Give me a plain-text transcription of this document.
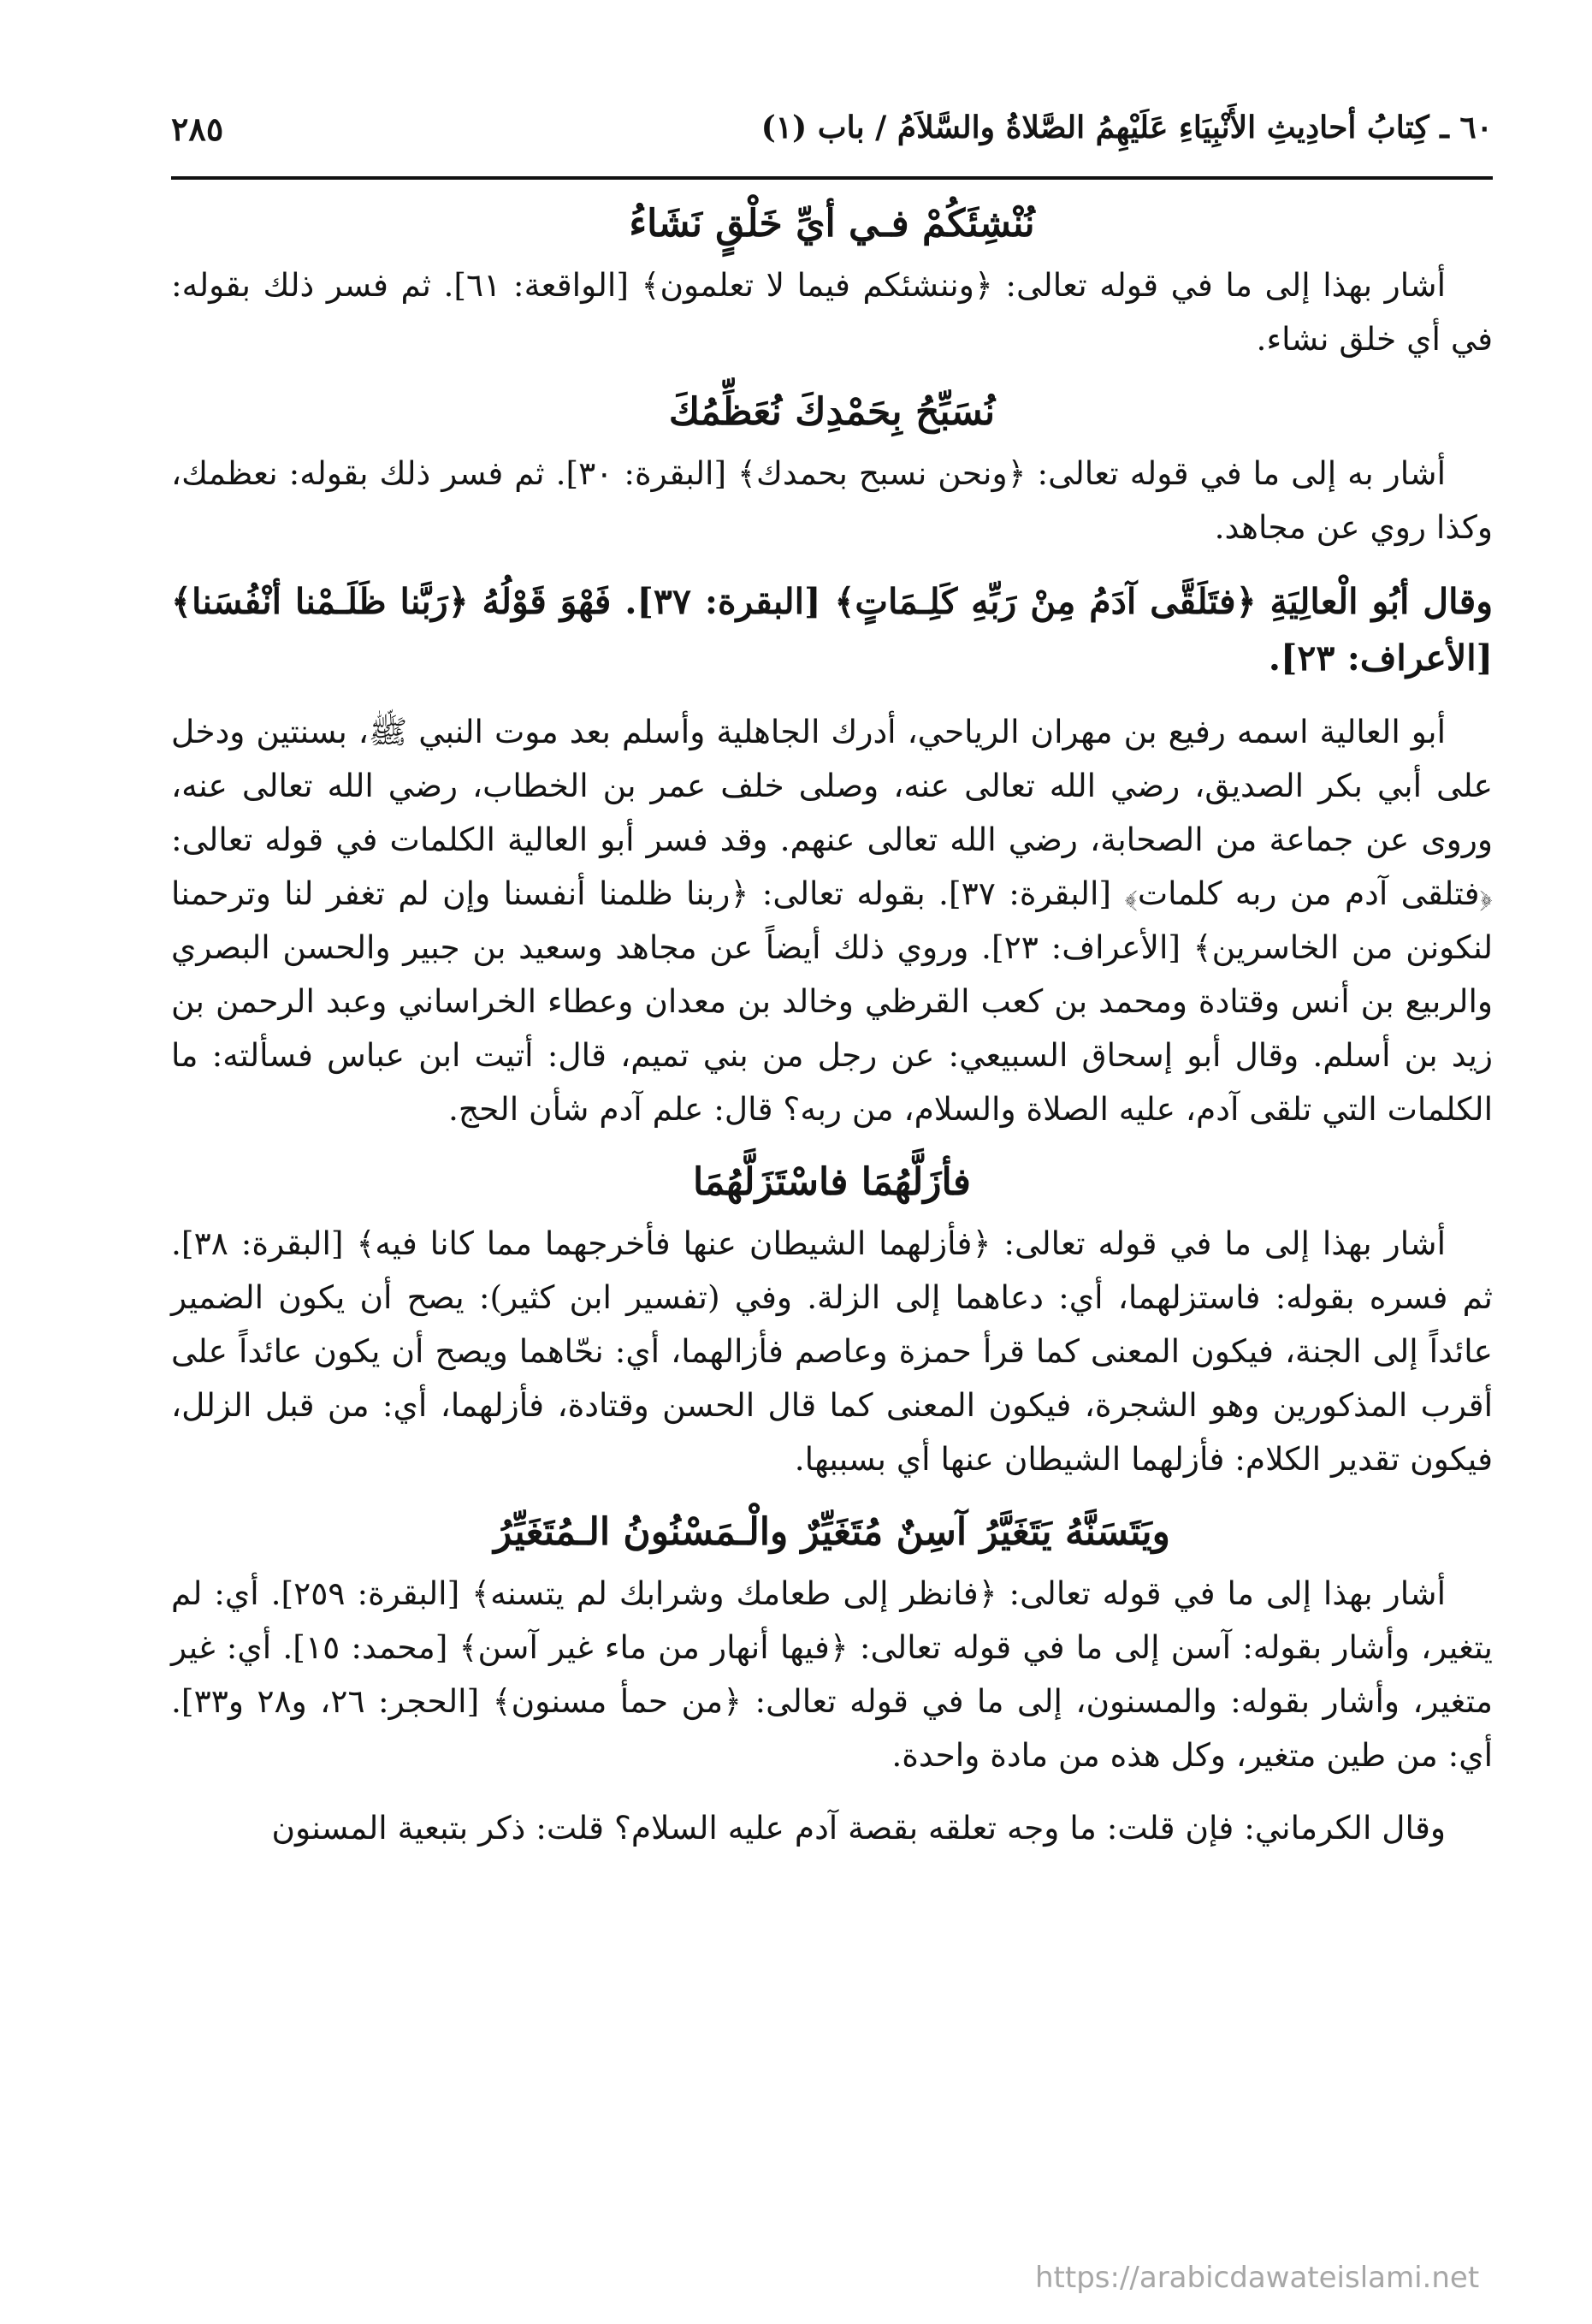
٦٠ ـ كِتابُ أحادِيثِ الأَنْبِيَاءِ عَلَيْهِمُ الصَّلاةُ والسَّلاَمُ / باب (١)
٢٨٥
نُنْشِئَكُمْ فـي أيِّ خَلْقٍ نَشَاءُ

أشار بهذا إلى ما في قوله تعالى: ﴿وننشئكم فيما لا تعلمون﴾ [الواقعة: ٦١]. ثم فسر ذلك بقوله: في أي خلق نشاء.

نُسَبِّحُ بِحَمْدِكَ نُعَظِّمُكَ

أشار به إلى ما في قوله تعالى: ﴿ونحن نسبح بحمدك﴾ [البقرة: ٣٠]. ثم فسر ذلك بقوله: نعظمك، وكذا روي عن مجاهد.

وقال أبُو الْعالِيَةِ ﴿فتَلَقَّى آدَمُ مِنْ رَبِّهِ كَلِـمَاتٍ﴾ [البقرة: ٣٧]. فَهْوَ قَوْلُهُ ﴿رَبَّنا ظَلَـمْنا أنْفُسَنا﴾ [الأعراف: ٢٣].

أبو العالية اسمه رفيع بن مهران الرياحي، أدرك الجاهلية وأسلم بعد موت النبي ﷺ، بسنتين ودخل على أبي بكر الصديق، رضي الله تعالى عنه، وصلى خلف عمر بن الخطاب، رضي الله تعالى عنه، وروى عن جماعة من الصحابة، رضي الله تعالى عنهم. وقد فسر أبو العالية الكلمات في قوله تعالى: ﴿فتلقى آدم من ربه كلمات﴾ [البقرة: ٣٧]. بقوله تعالى: ﴿ربنا ظلمنا أنفسنا وإن لم تغفر لنا وترحمنا لنكونن من الخاسرين﴾ [الأعراف: ٢٣]. وروي ذلك أيضاً عن مجاهد وسعيد بن جبير والحسن البصري والربيع بن أنس وقتادة ومحمد بن كعب القرظي وخالد بن معدان وعطاء الخراساني وعبد الرحمن بن زيد بن أسلم. وقال أبو إسحاق السبيعي: عن رجل من بني تميم، قال: أتيت ابن عباس فسألته: ما الكلمات التي تلقى آدم، عليه الصلاة والسلام، من ربه؟ قال: علم آدم شأن الحج.

فأزَلَّهُمَا فاسْتَزَلَّهُمَا

أشار بهذا إلى ما في قوله تعالى: ﴿فأزلهما الشيطان عنها فأخرجهما مما كانا فيه﴾ [البقرة: ٣٨]. ثم فسره بقوله: فاستزلهما، أي: دعاهما إلى الزلة. وفي (تفسير ابن كثير): يصح أن يكون الضمير عائداً إلى الجنة، فيكون المعنى كما قرأ حمزة وعاصم فأزالهما، أي: نحّاهما ويصح أن يكون عائداً على أقرب المذكورين وهو الشجرة، فيكون المعنى كما قال الحسن وقتادة، فأزلهما، أي: من قبل الزلل، فيكون تقدير الكلام: فأزلهما الشيطان عنها أي بسببها.

ويَتَسَنَّهُ يَتَغَيَّرُ آسِنٌ مُتَغَيِّرٌ والْـمَسْنُونُ الـمُتَغَيِّرُ

أشار بهذا إلى ما في قوله تعالى: ﴿فانظر إلى طعامك وشرابك لم يتسنه﴾ [البقرة: ٢٥٩]. أي: لم يتغير، وأشار بقوله: آسن إلى ما في قوله تعالى: ﴿فيها أنهار من ماء غير آسن﴾ [محمد: ١٥]. أي: غير متغير، وأشار بقوله: والمسنون، إلى ما في قوله تعالى: ﴿من حمأ مسنون﴾ [الحجر: ٢٦، و٢٨ و٣٣]. أي: من طين متغير، وكل هذه من مادة واحدة.

وقال الكرماني: فإن قلت: ما وجه تعلقه بقصة آدم عليه السلام؟ قلت: ذكر بتبعية المسنون

https://arabicdawateislami.net
